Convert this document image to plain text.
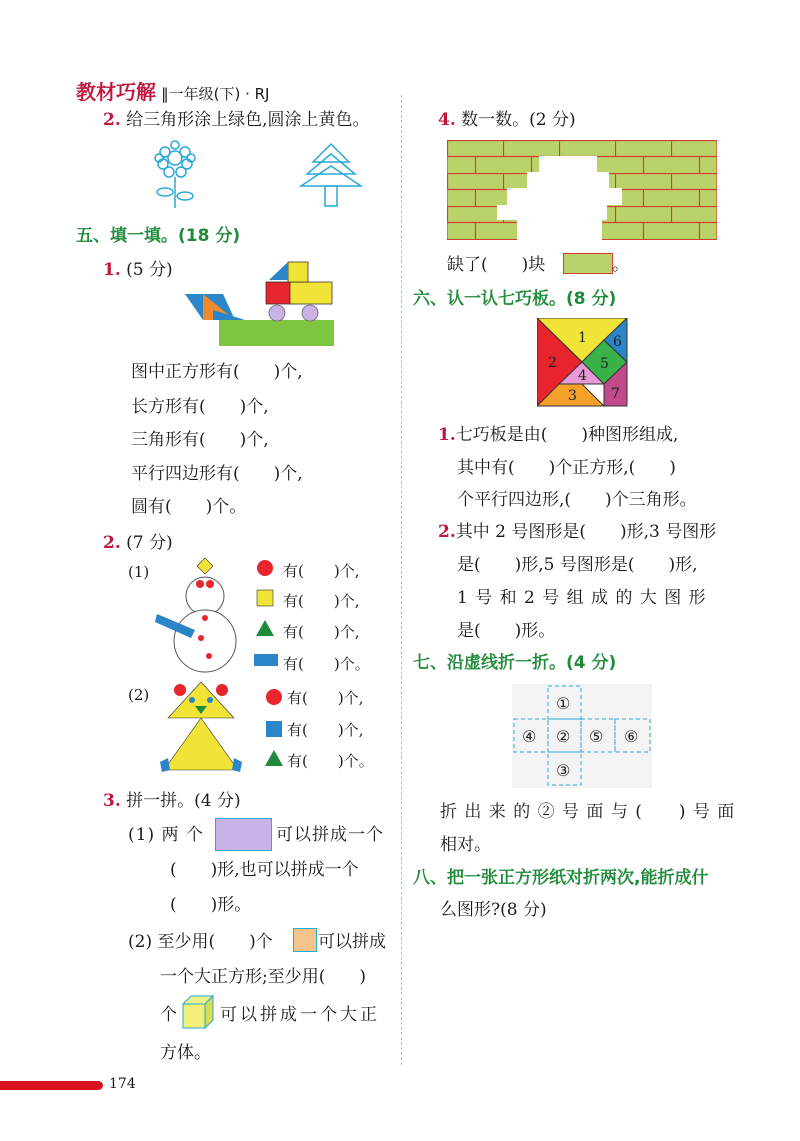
教材巧解 ‖一年级(下) · RJ
2. 给三角形涂上绿色,圆涂上黄色。
五、填一填。(18 分)
1. (5 分)
图中正方形有(　　)个,
长方形有(　　)个,
三角形有(　　)个,
平行四边形有(　　)个,
圆有(　　)个。
2. (7 分)
(1)	有(　　)个,
有(　　)个,
有(　　)个,
有(　　)个。
(2)	有(　　)个,
有(　　)个,
有(　　)个。
3. 拼一拼。(4 分)
(1) 两 个	可以拼成一个
(　　)形,也可以拼成一个
(　　)形。
(2) 至少用(　　)个	可以拼成
一个大正方形;至少用(　　)
个	可以拼成一个大正
方体。
4. 数一数。(2 分)
缺了(　　)块	。
六、认一认七巧板。(8 分)
1
2
3
4
5
6
7
1.七巧板是由(　　)种图形组成,
其中有(　　)个正方形,(　　)
个平行四边形,(　　)个三角形。
2.其中 2 号图形是(　　)形,3 号图形
是(　　)形,5 号图形是(　　)形,
1 号 和 2 号 组 成 的 大 图 形
是(　　)形。
七、沿虚线折一折。(4 分)
①
④ ② ⑤ ⑥
③
折 出 来 的 ② 号 面 与 (　　) 号 面
相对。
八、把一张正方形纸对折两次,能折成什
么图形?(8 分)
174
